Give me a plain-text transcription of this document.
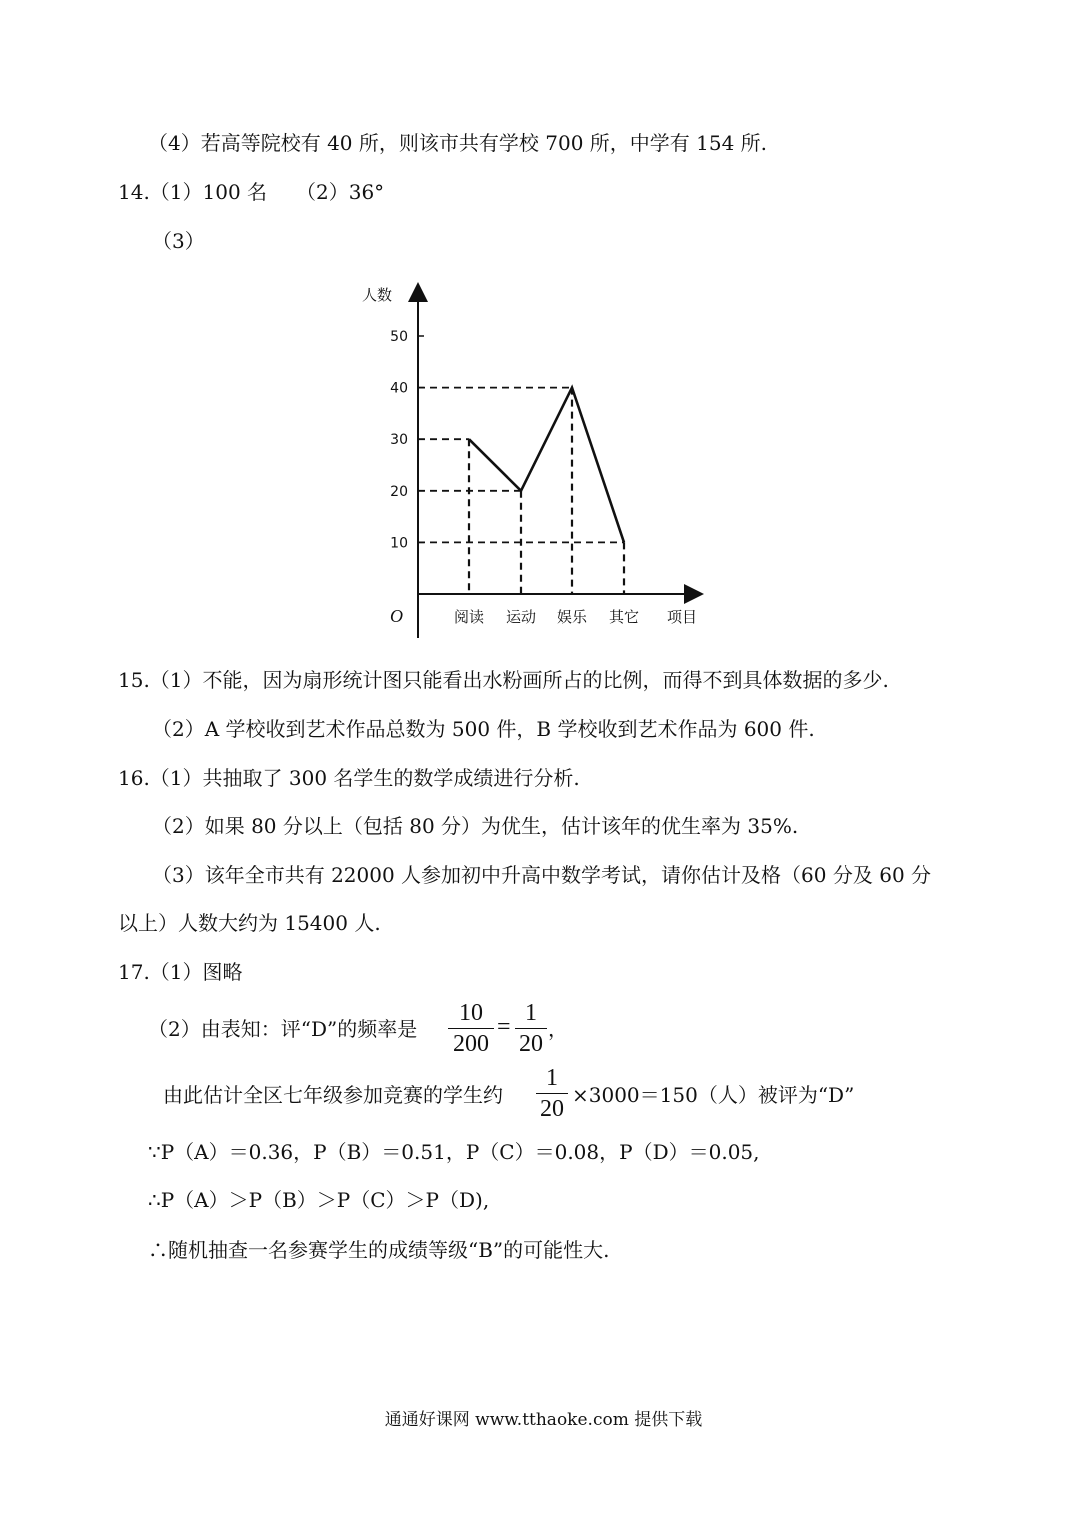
（4）若高等院校有 40 所，则该市共有学校 700 所，中学有 154 所.
14.（1）100 名 （2）36°
（3）
10
20
30
40
50
阅读 运动 娱乐 其它
人数
项目
O
15.（1）不能，因为扇形统计图只能看出水粉画所占的比例，而得不到具体数据的多少.
（2）A 学校收到艺术作品总数为 500 件，B 学校收到艺术作品为 600 件.
16.（1）共抽取了 300 名学生的数学成绩进行分析.
（2）如果 80 分以上（包括 80 分）为优生，估计该年的优生率为 35%.
（3）该年全市共有 22000 人参加初中升高中数学考试，请你估计及格（60 分及 60 分
以上）人数大约为 15400 人.
17.（1）图略
（2）由表知：评“D”的频率是
10
200
=
1
20
，
由此估计全区七年级参加竞赛的学生约
1
20
×3000＝150（人）被评为“D”
∵P（A）＝0.36，P（B）＝0.51，P（C）＝0.08，P（D）＝0.05,
∴P（A）＞P（B）＞P（C）＞P（D),
∴随机抽查一名参赛学生的成绩等级“B”的可能性大.
通通好课网 www.tthaoke.com 提供下载
